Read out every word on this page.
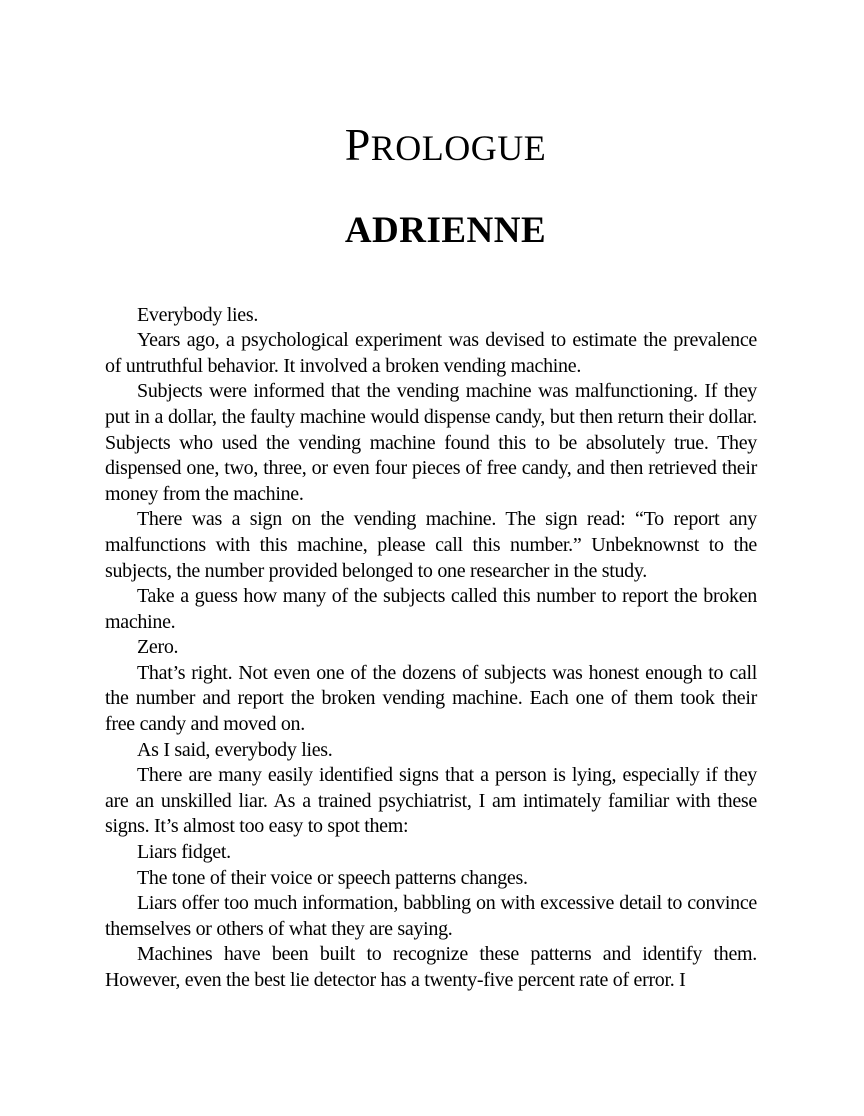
PROLOGUE
ADRIENNE

Everybody lies.

Years ago, a psychological experiment was devised to estimate the prevalence of untruthful behavior. It involved a broken vending machine.

Subjects were informed that the vending machine was malfunctioning. If they put in a dollar, the faulty machine would dispense candy, but then return their dollar. Subjects who used the vending machine found this to be absolutely true. They dispensed one, two, three, or even four pieces of free candy, and then retrieved their money from the machine.

There was a sign on the vending machine. The sign read: “To report any malfunctions with this machine, please call this number.” Unbeknownst to the subjects, the number provided belonged to one researcher in the study.

Take a guess how many of the subjects called this number to report the broken machine.

Zero.

That’s right. Not even one of the dozens of subjects was honest enough to call the number and report the broken vending machine. Each one of them took their free candy and moved on.

As I said, everybody lies.

There are many easily identified signs that a person is lying, especially if they are an unskilled liar. As a trained psychiatrist, I am intimately familiar with these signs. It’s almost too easy to spot them:

Liars fidget.

The tone of their voice or speech patterns changes.

Liars offer too much information, babbling on with excessive detail to convince themselves or others of what they are saying.

Machines have been built to recognize these patterns and identify them. However, even the best lie detector has a twenty-five percent rate of error. I
